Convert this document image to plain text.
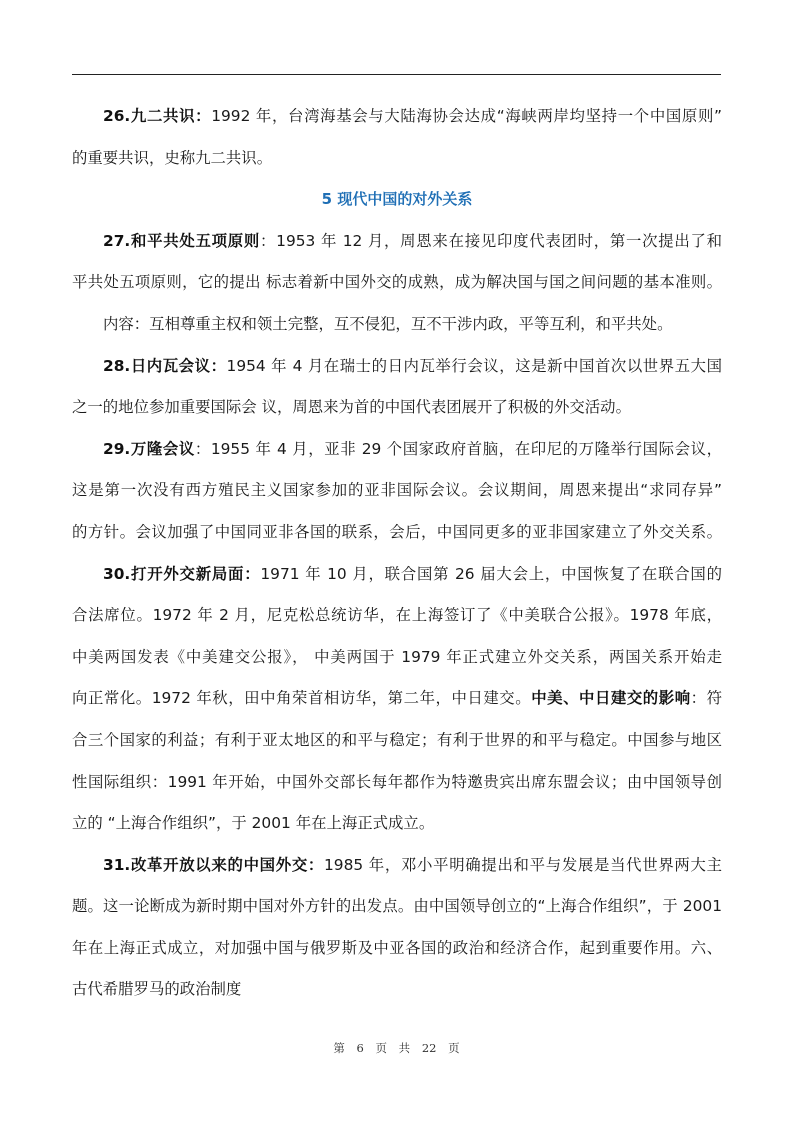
26.九二共识：1992 年，台湾海基会与大陆海协会达成“海峡两岸均坚持一个中国原则”
的重要共识，史称九二共识。
5 现代中国的对外关系
27.和平共处五项原则：1953 年 12 月，周恩来在接见印度代表团时，第一次提出了和
平共处五项原则，它的提出 标志着新中国外交的成熟，成为解决国与国之间问题的基本准则。
内容：互相尊重主权和领土完整，互不侵犯，互不干涉内政，平等互利，和平共处。
28.日内瓦会议：1954 年 4 月在瑞士的日内瓦举行会议，这是新中国首次以世界五大国
之一的地位参加重要国际会 议，周恩来为首的中国代表团展开了积极的外交活动。
29.万隆会议：1955 年 4 月，亚非 29 个国家政府首脑，在印尼的万隆举行国际会议，
这是第一次没有西方殖民主义国家参加的亚非国际会议。会议期间，周恩来提出“求同存异”
的方针。会议加强了中国同亚非各国的联系，会后，中国同更多的亚非国家建立了外交关系。
30.打开外交新局面：1971 年 10 月，联合国第 26 届大会上，中国恢复了在联合国的
合法席位。1972 年 2 月，尼克松总统访华，在上海签订了《中美联合公报》。1978 年底，
中美两国发表《中美建交公报》， 中美两国于 1979 年正式建立外交关系，两国关系开始走
向正常化。1972 年秋，田中角荣首相访华，第二年，中日建交。中美、中日建交的影响：符
合三个国家的利益；有利于亚太地区的和平与稳定；有利于世界的和平与稳定。中国参与地区
性国际组织：1991 年开始，中国外交部长每年都作为特邀贵宾出席东盟会议；由中国领导创
立的 “上海合作组织”，于 2001 年在上海正式成立。
31.改革开放以来的中国外交：1985 年，邓小平明确提出和平与发展是当代世界两大主
题。这一论断成为新时期中国对外方针的出发点。由中国领导创立的“上海合作组织”，于 2001
年在上海正式成立，对加强中国与俄罗斯及中亚各国的政治和经济合作，起到重要作用。六、
古代希腊罗马的政治制度
第 6 页 共 22 页
